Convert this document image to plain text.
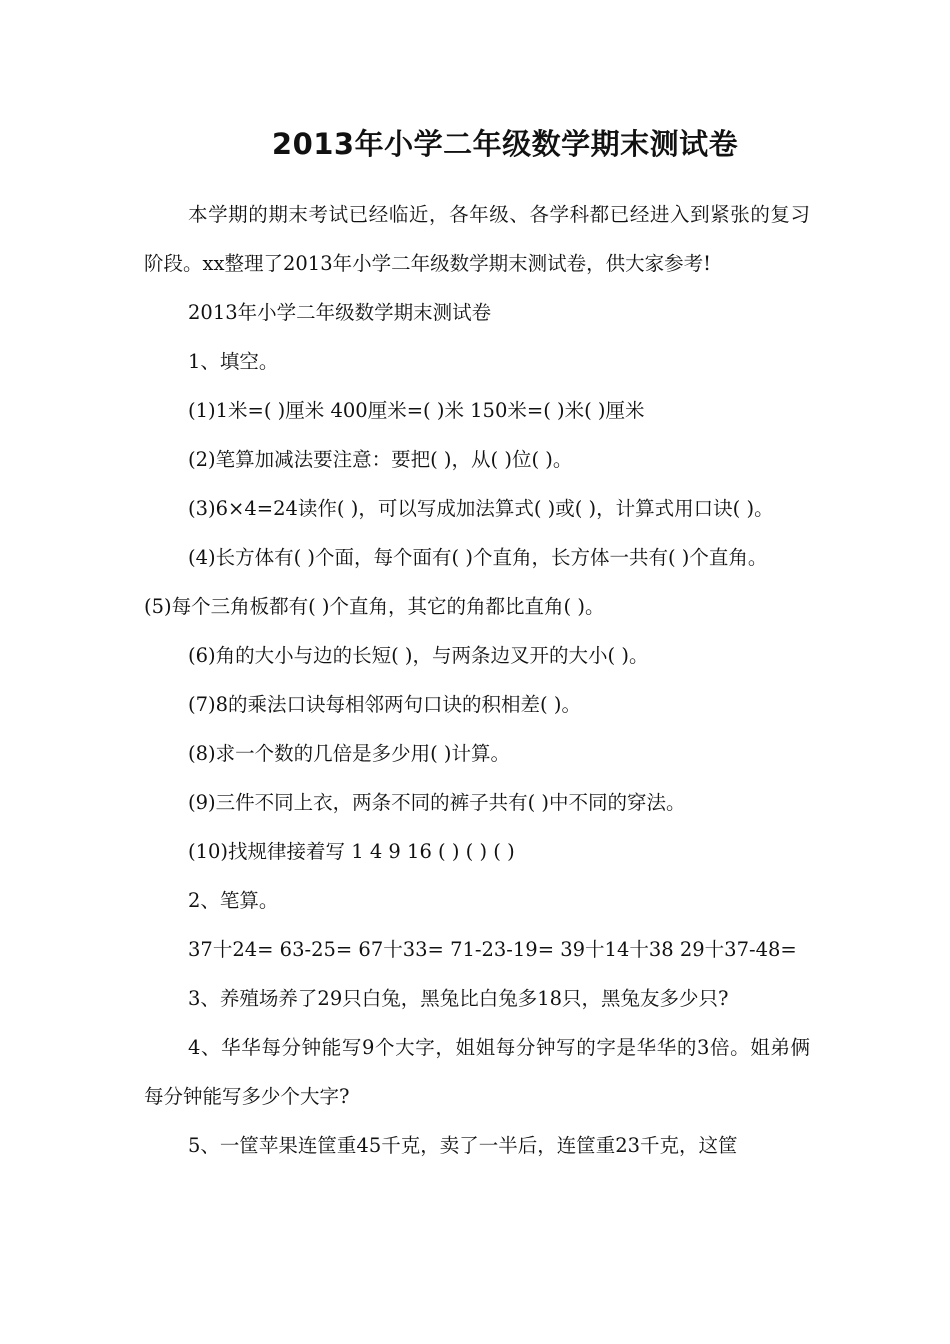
2013年小学二年级数学期末测试卷

本学期的期末考试已经临近，各年级、各学科都已经进入到紧张的复习阶段。xx整理了2013年小学二年级数学期末测试卷，供大家参考!

2013年小学二年级数学期末测试卷

1、填空。

(1)1米=( )厘米 400厘米=( )米 150米=( )米( )厘米

(2)笔算加减法要注意：要把( )，从( )位( )。

(3)6×4=24读作( )，可以写成加法算式( )或( )，计算式用口诀( )。

(4)长方体有( )个面，每个面有( )个直角，长方体一共有( )个直角。

(5)每个三角板都有( )个直角，其它的角都比直角( )。

(6)角的大小与边的长短( )，与两条边叉开的大小( )。

(7)8的乘法口诀每相邻两句口诀的积相差( )。

(8)求一个数的几倍是多少用( )计算。

(9)三件不同上衣，两条不同的裤子共有( )中不同的穿法。

(10)找规律接着写 1 4 9 16 ( ) ( ) ( )

2、笔算。

37十24= 63-25= 67十33= 71-23-19= 39十14十38 29十37-48=

3、养殖场养了29只白兔，黑兔比白兔多18只，黑兔友多少只?

4、华华每分钟能写9个大字，姐姐每分钟写的字是华华的3倍。姐弟俩每分钟能写多少个大字?

5、一筐苹果连筐重45千克，卖了一半后，连筐重23千克，这筐
